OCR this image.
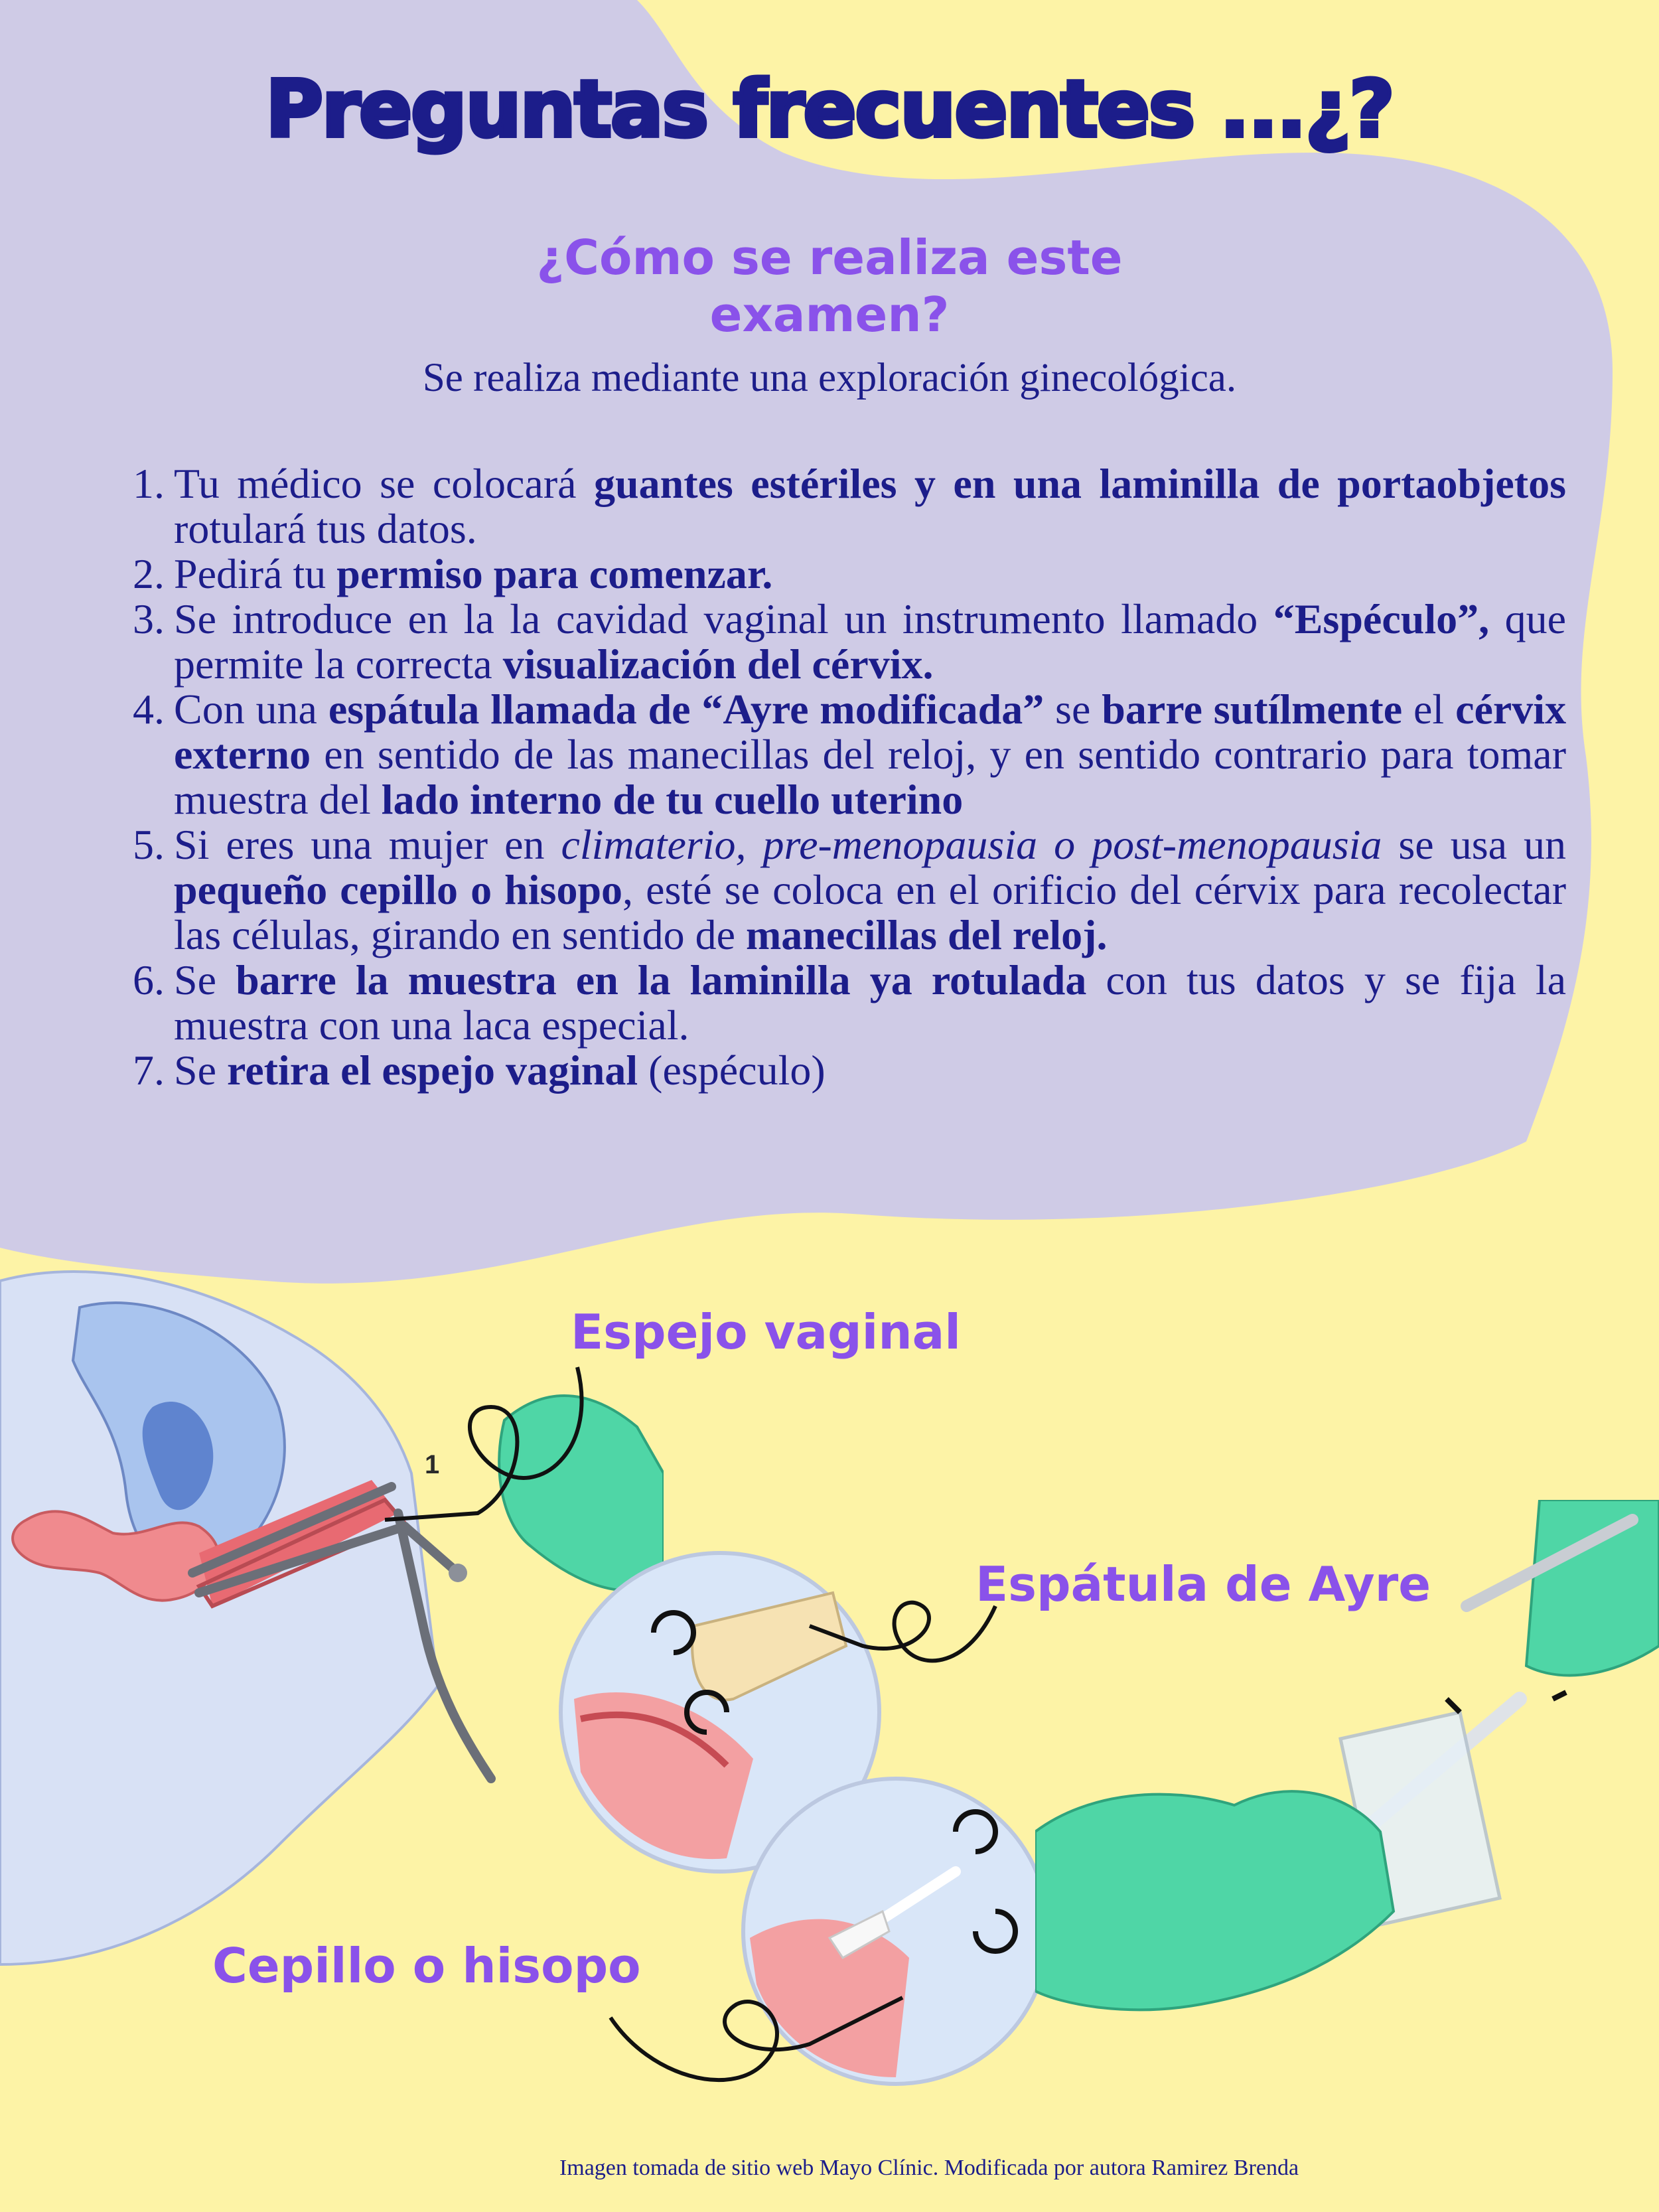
Preguntas frecuentes ...¿?
¿Cómo se realiza este examen?

Se realiza mediante una exploración ginecológica.

1. Tu médico se colocará guantes estériles y en una laminilla de portaobjetos rotulará tus datos.
2. Pedirá tu permiso para comenzar.
3. Se introduce en la la cavidad vaginal un instrumento llamado “Espéculo”, que permite la correcta visualización del cérvix.
4. Con una espátula llamada de “Ayre modificada” se barre sutílmente el cérvix externo en sentido de las manecillas del reloj, y en sentido contrario para tomar muestra del lado interno de tu cuello uterino
5. Si eres una mujer en climaterio, pre-menopausia o post-menopausia se usa un pequeño cepillo o hisopo, esté se coloca en el orificio del cérvix para recolectar las células, girando en sentido de manecillas del reloj.
6. Se barre la muestra en la laminilla ya rotulada con tus datos y se fija la muestra con una laca especial.
7. Se retira el espejo vaginal (espéculo)
1

Espejo vaginal

Espátula de Ayre

Cepillo o hisopo

Imagen tomada de sitio web Mayo Clínic. Modificada por autora Ramirez Brenda
